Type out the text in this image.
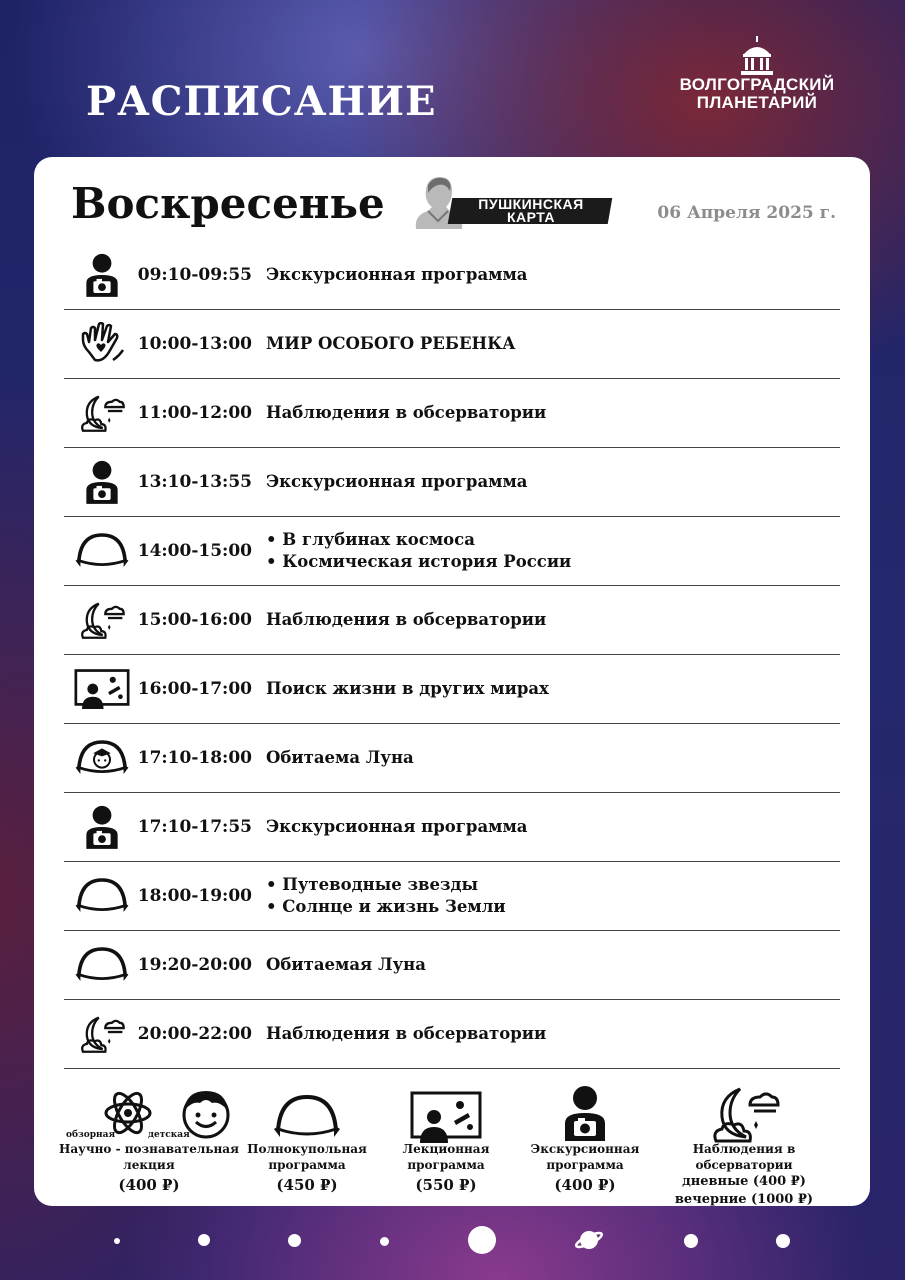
РАСПИСАНИЕ	ВОЛГОГРАДСКИЙ
ПЛАНЕТАРИЙ
Воскресенье	ПУШКИНСКАЯ
КАРТА	06 Апреля 2025 г.
09:10-09:55 Экскурсионная программа
10:00-13:00 МИР ОСОБОГО РЕБЕНКА
11:00-12:00 Наблюдения в обсерватории
13:10-13:55 Экскурсионная программа
14:00-15:00
• В глубинах космоса
• Космическая история России
15:00-16:00 Наблюдения в обсерватории
16:00-17:00 Поиск жизни в других мирах
17:10-18:00 Обитаема Луна
17:10-17:55 Экскурсионная программа
18:00-19:00
• Путеводные звезды
• Солнце и жизнь Земли
19:20-20:00 Обитаемая Луна
20:00-22:00 Наблюдения в обсерватории
обзорная	детская
Научно - познавательная
лекция
(400 ₽)
Полнокупольная
программа
(450 ₽)
Лекционная
программа
(550 ₽)
Экскурсионная
программа
(400 ₽)
Наблюдения в обсерватории
дневные (400 ₽)
вечерние (1000 ₽)
